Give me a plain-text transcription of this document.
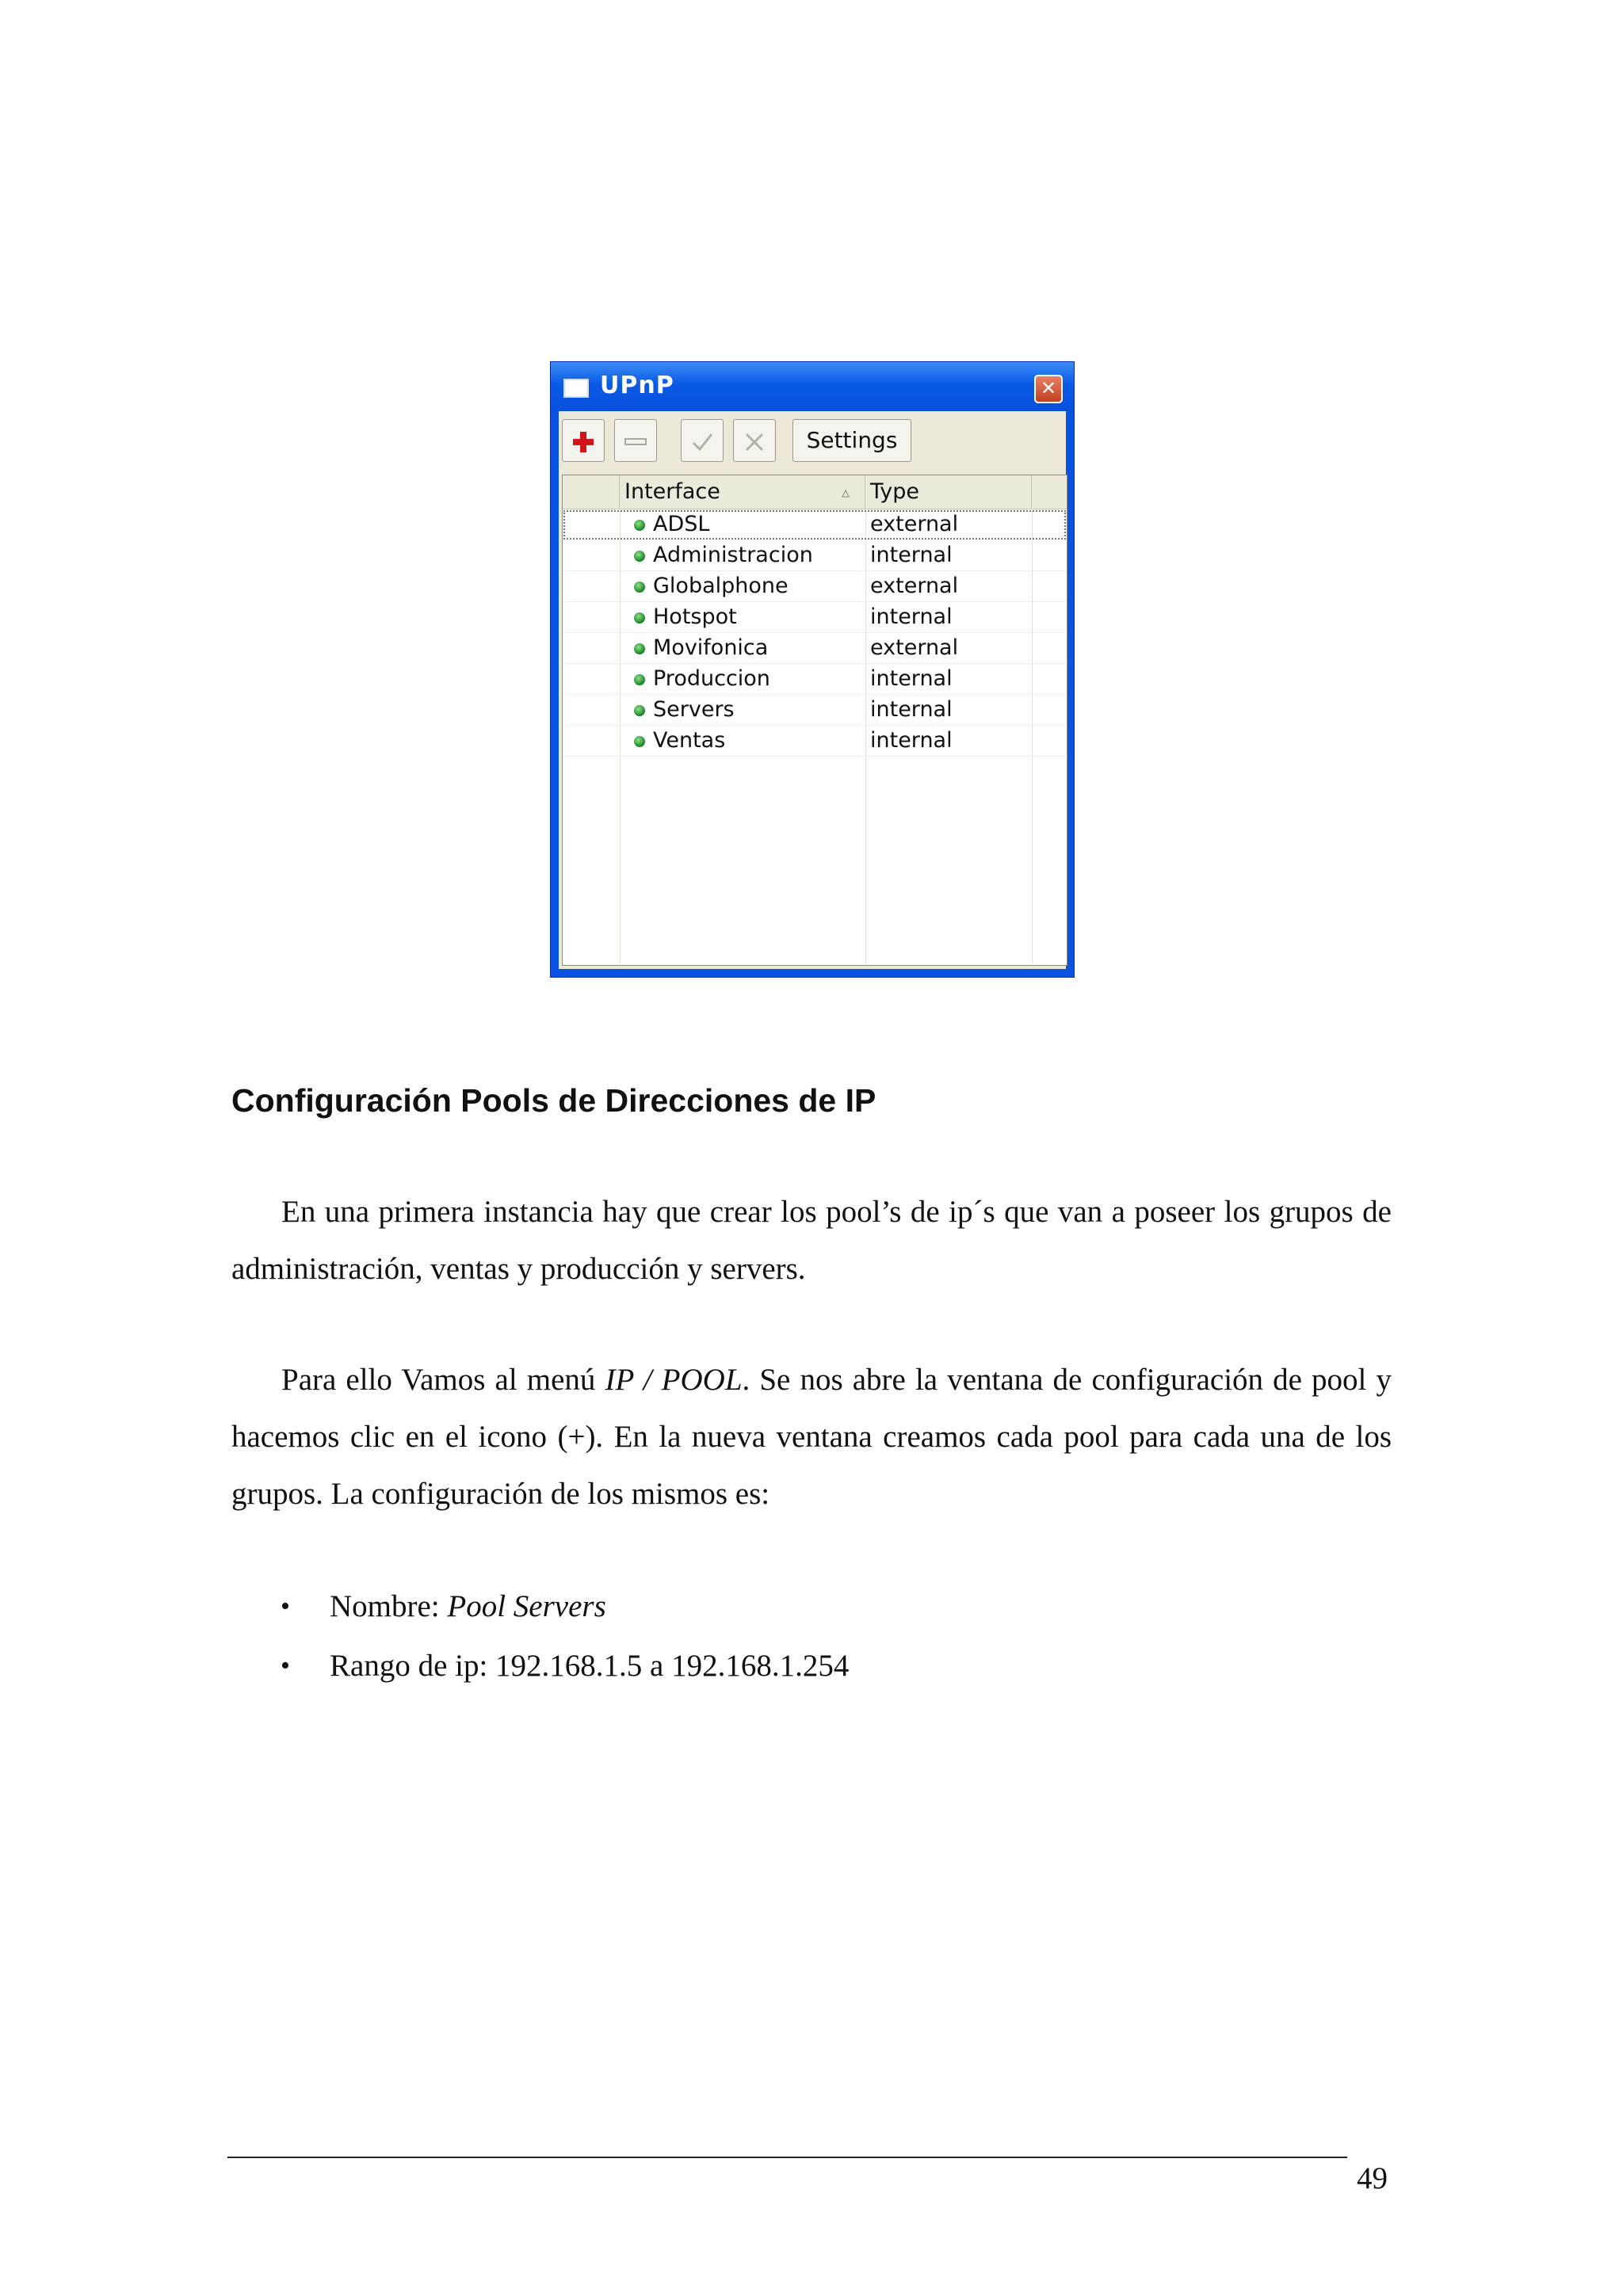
UPnP	✕
Settings
Interface	▵ Type
ADSL	external
Administracion	internal
Globalphone	external
Hotspot	internal
Movifonica	external
Produccion	internal
Servers	internal
Ventas	internal
Configuración Pools de Direcciones de IP

En una primera instancia hay que crear los pool’s de ip´s que van a poseer los grupos de administración, ventas y producción y servers.

Para ello Vamos al menú IP / POOL. Se nos abre la ventana de configuración de pool y hacemos clic en el icono (+). En la nueva ventana creamos cada pool para cada una de los grupos. La configuración de los mismos es:

• Nombre: Pool Servers
• Rango de ip: 192.168.1.5 a 192.168.1.254
49
